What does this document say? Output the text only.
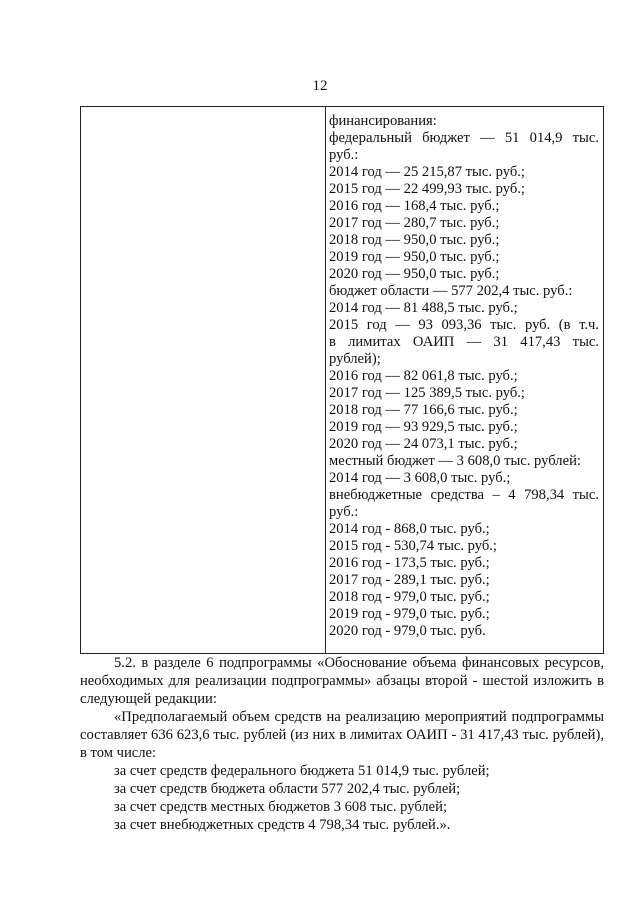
12
финансирования:
федеральный бюджет — 51 014,9 тыс.
руб.:
2014 год — 25 215,87 тыс. руб.;
2015 год — 22 499,93 тыс. руб.;
2016 год — 168,4 тыс. руб.;
2017 год — 280,7 тыс. руб.;
2018 год — 950,0 тыс. руб.;
2019 год — 950,0 тыс. руб.;
2020 год — 950,0 тыс. руб.;
бюджет области — 577 202,4 тыс. руб.:
2014 год — 81 488,5 тыс. руб.;
2015 год — 93 093,36 тыс. руб. (в т.ч.
в лимитах ОАИП — 31 417,43 тыс.
рублей);
2016 год — 82 061,8 тыс. руб.;
2017 год — 125 389,5 тыс. руб.;
2018 год — 77 166,6 тыс. руб.;
2019 год — 93 929,5 тыс. руб.;
2020 год — 24 073,1 тыс. руб.;
местный бюджет — 3 608,0 тыс. рублей:
2014 год — 3 608,0 тыс. руб.;
внебюджетные средства – 4 798,34 тыс.
руб.:
2014 год - 868,0 тыс. руб.;
2015 год - 530,74 тыс. руб.;
2016 год - 173,5 тыс. руб.;
2017 год - 289,1 тыс. руб.;
2018 год - 979,0 тыс. руб.;
2019 год - 979,0 тыс. руб.;
2020 год - 979,0 тыс. руб.

5.2. в разделе 6 подпрограммы «Обоснование объема финансовых ресурсов, необходимых для реализации подпрограммы» абзацы второй - шестой изложить в следующей редакции:

«Предполагаемый объем средств на реализацию мероприятий подпрограммы составляет 636 623,6 тыс. рублей (из них в лимитах ОАИП - 31 417,43 тыс. рублей), в том числе:

за счет средств федерального бюджета 51 014,9 тыс. рублей;

за счет средств бюджета области 577 202,4 тыс. рублей;

за счет средств местных бюджетов 3 608 тыс. рублей;

за счет внебюджетных средств 4 798,34 тыс. рублей.».
